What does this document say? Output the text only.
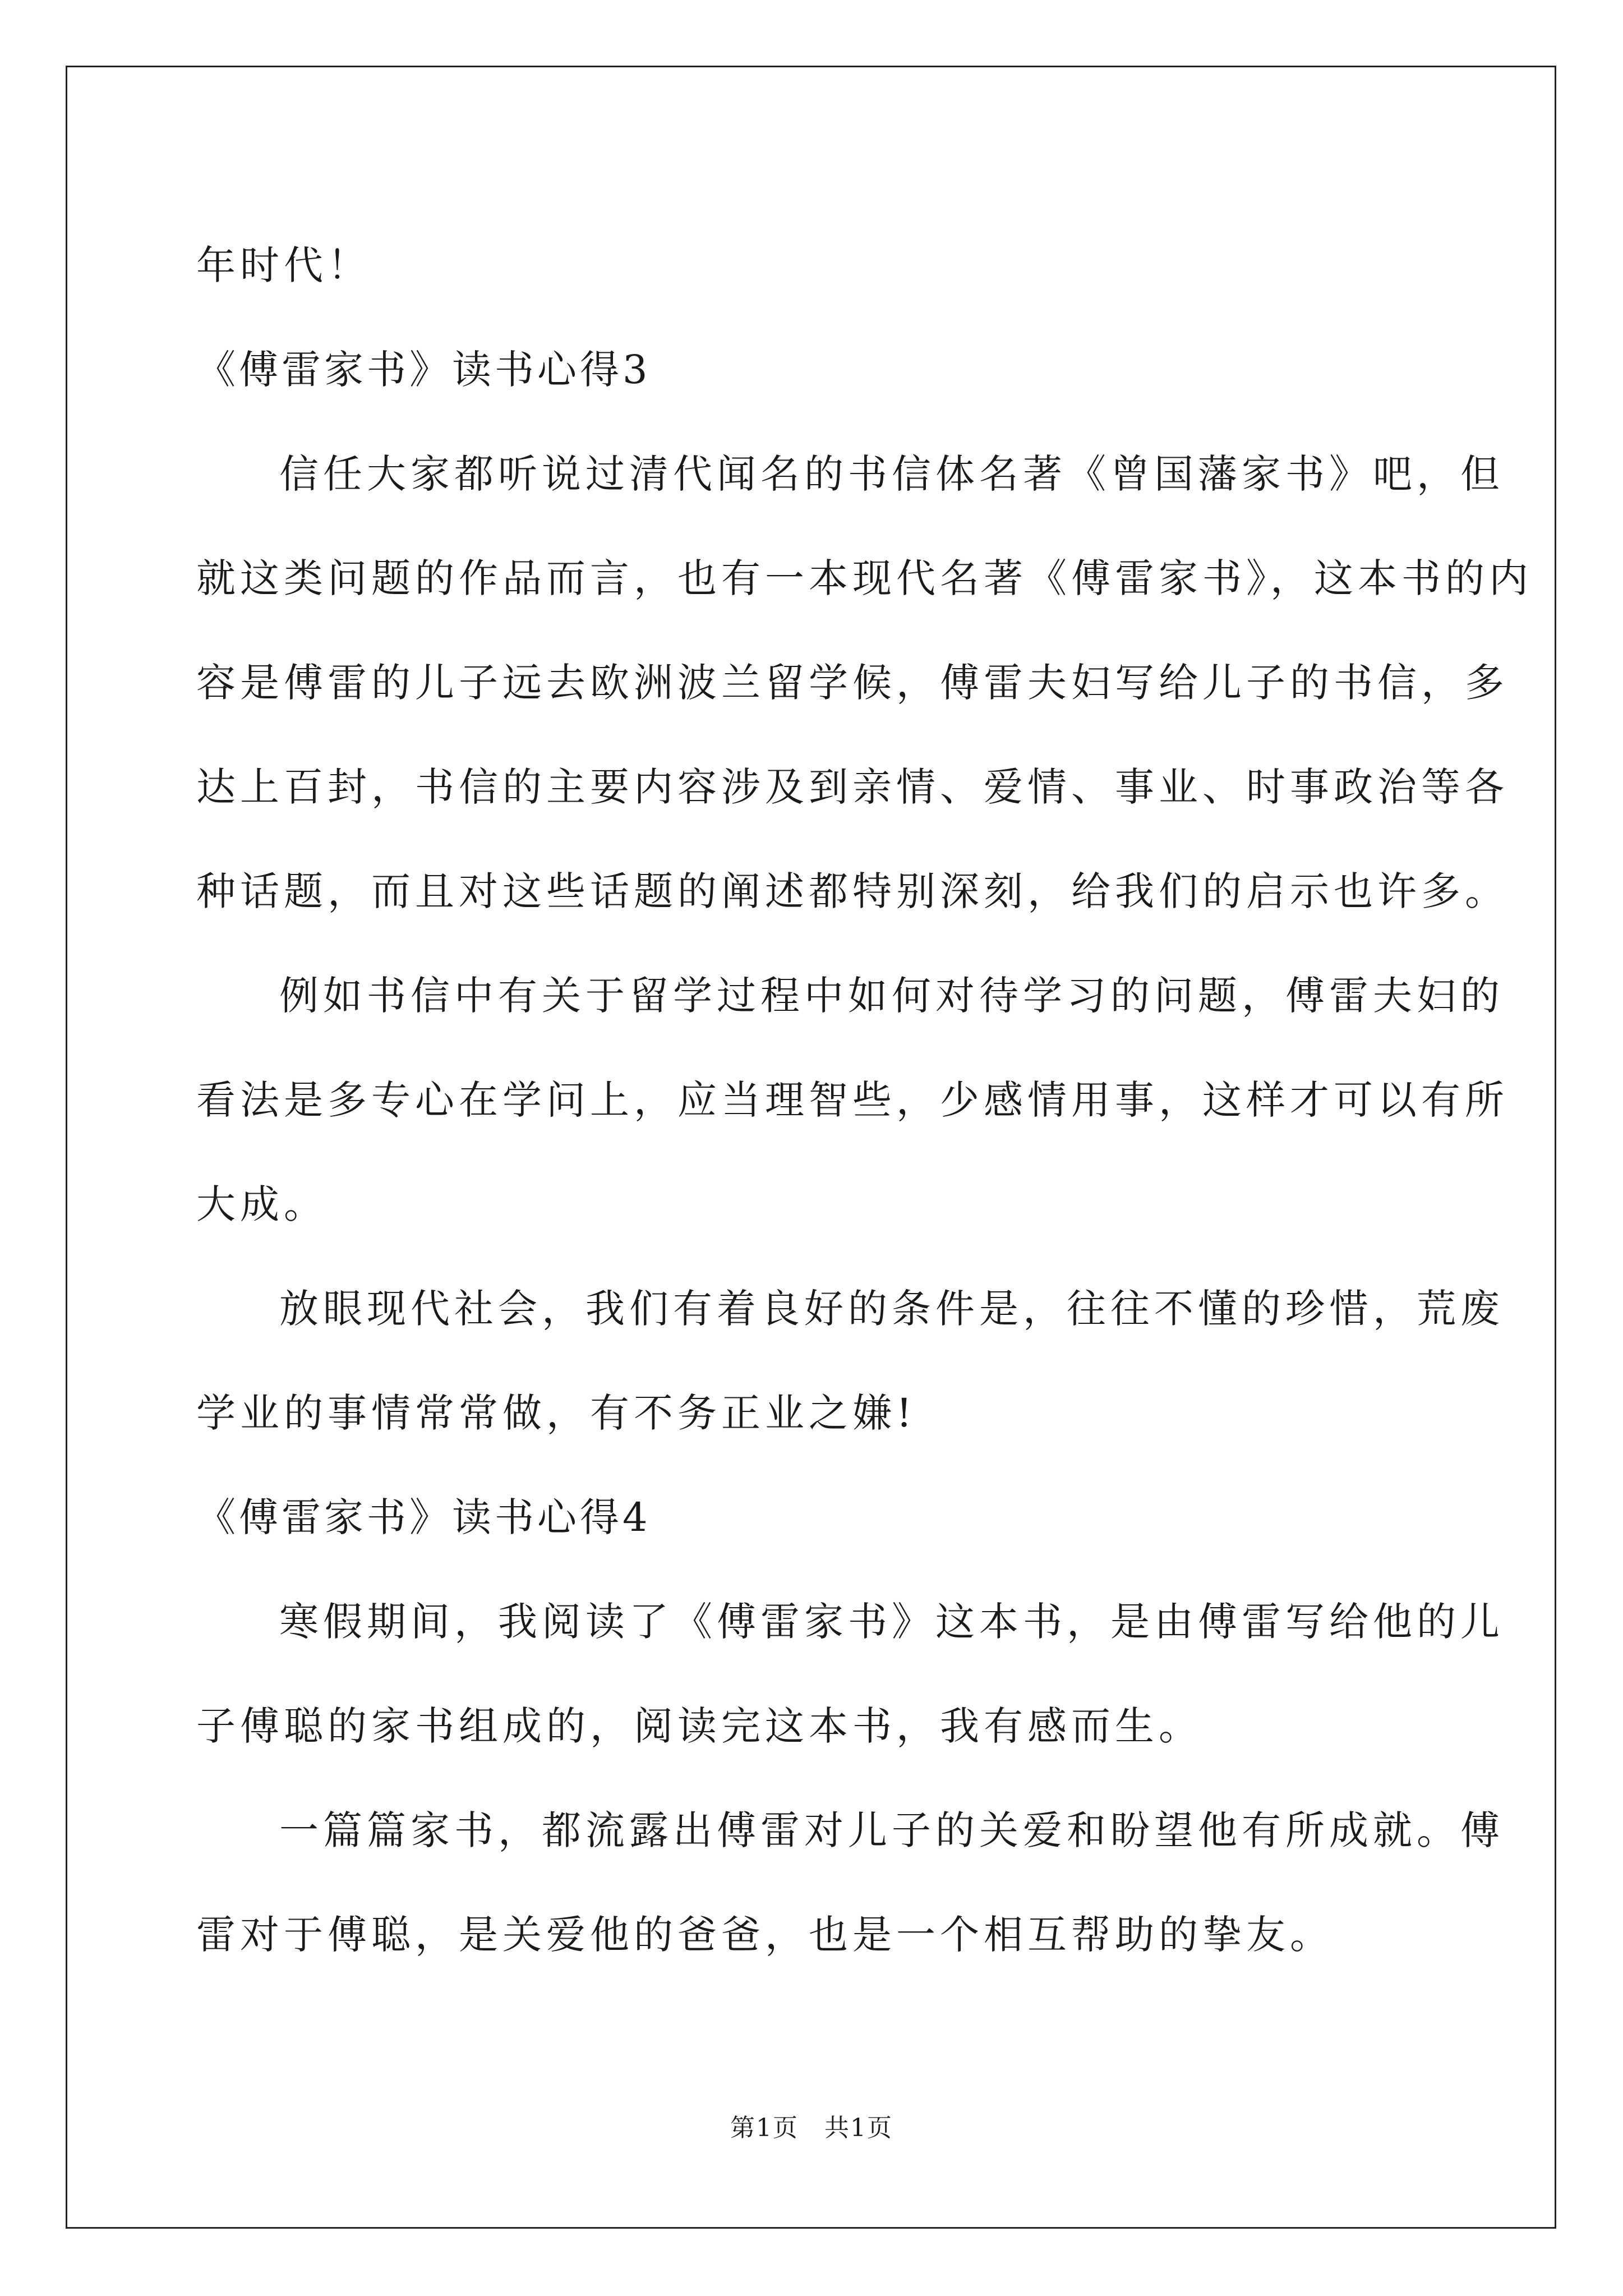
年时代！
《傅雷家书》读书心得3
信任大家都听说过清代闻名的书信体名著《曾国藩家书》吧，但
就这类问题的作品而言，也有一本现代名著《傅雷家书》，这本书的内
容是傅雷的儿子远去欧洲波兰留学候，傅雷夫妇写给儿子的书信，多
达上百封，书信的主要内容涉及到亲情、爱情、事业、时事政治等各
种话题，而且对这些话题的阐述都特别深刻，给我们的启示也许多。
例如书信中有关于留学过程中如何对待学习的问题，傅雷夫妇的
看法是多专心在学问上，应当理智些，少感情用事，这样才可以有所
大成。
放眼现代社会，我们有着良好的条件是，往往不懂的珍惜，荒废
学业的事情常常做，有不务正业之嫌!
《傅雷家书》读书心得4
寒假期间，我阅读了《傅雷家书》这本书，是由傅雷写给他的儿
子傅聪的家书组成的，阅读完这本书，我有感而生。
一篇篇家书，都流露出傅雷对儿子的关爱和盼望他有所成就。傅
雷对于傅聪，是关爱他的爸爸，也是一个相互帮助的挚友。
第1页　共1页
